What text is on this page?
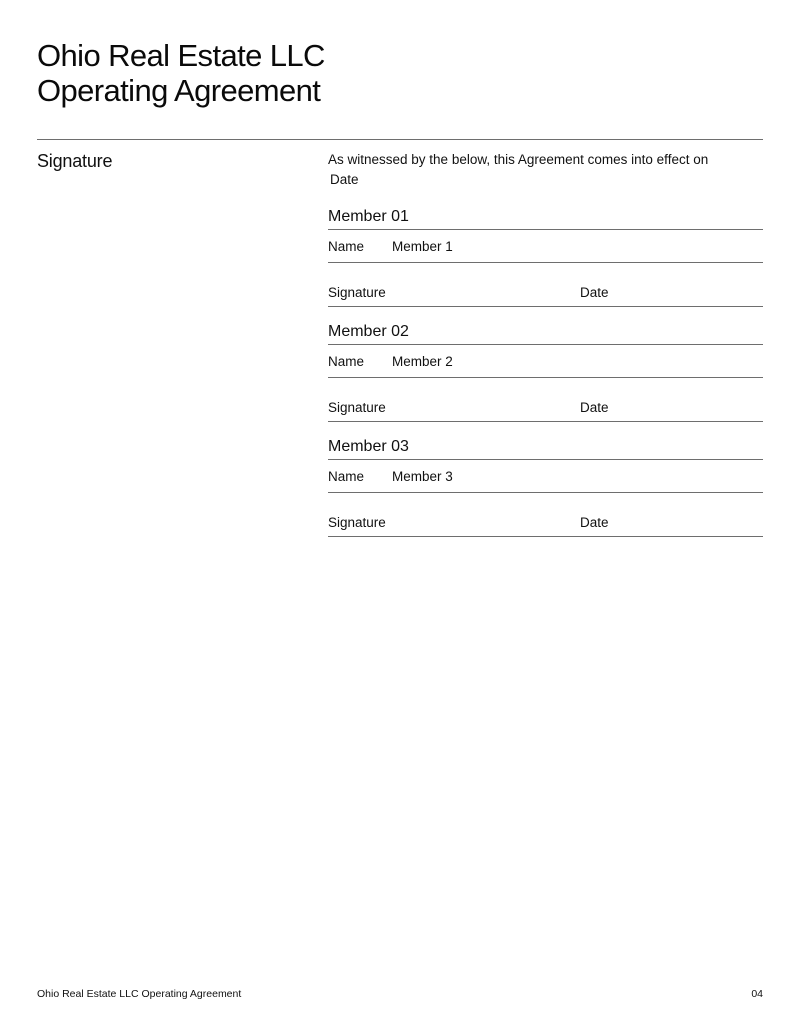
Ohio Real Estate LLC
Operating Agreement
Signature	As witnessed by the below, this Agreement comes into effect on
Date
Member 01
Name	Member 1
Signature	Date
Member 02
Name	Member 2
Signature	Date
Member 03
Name	Member 3
Signature	Date
Ohio Real Estate LLC Operating Agreement	04
